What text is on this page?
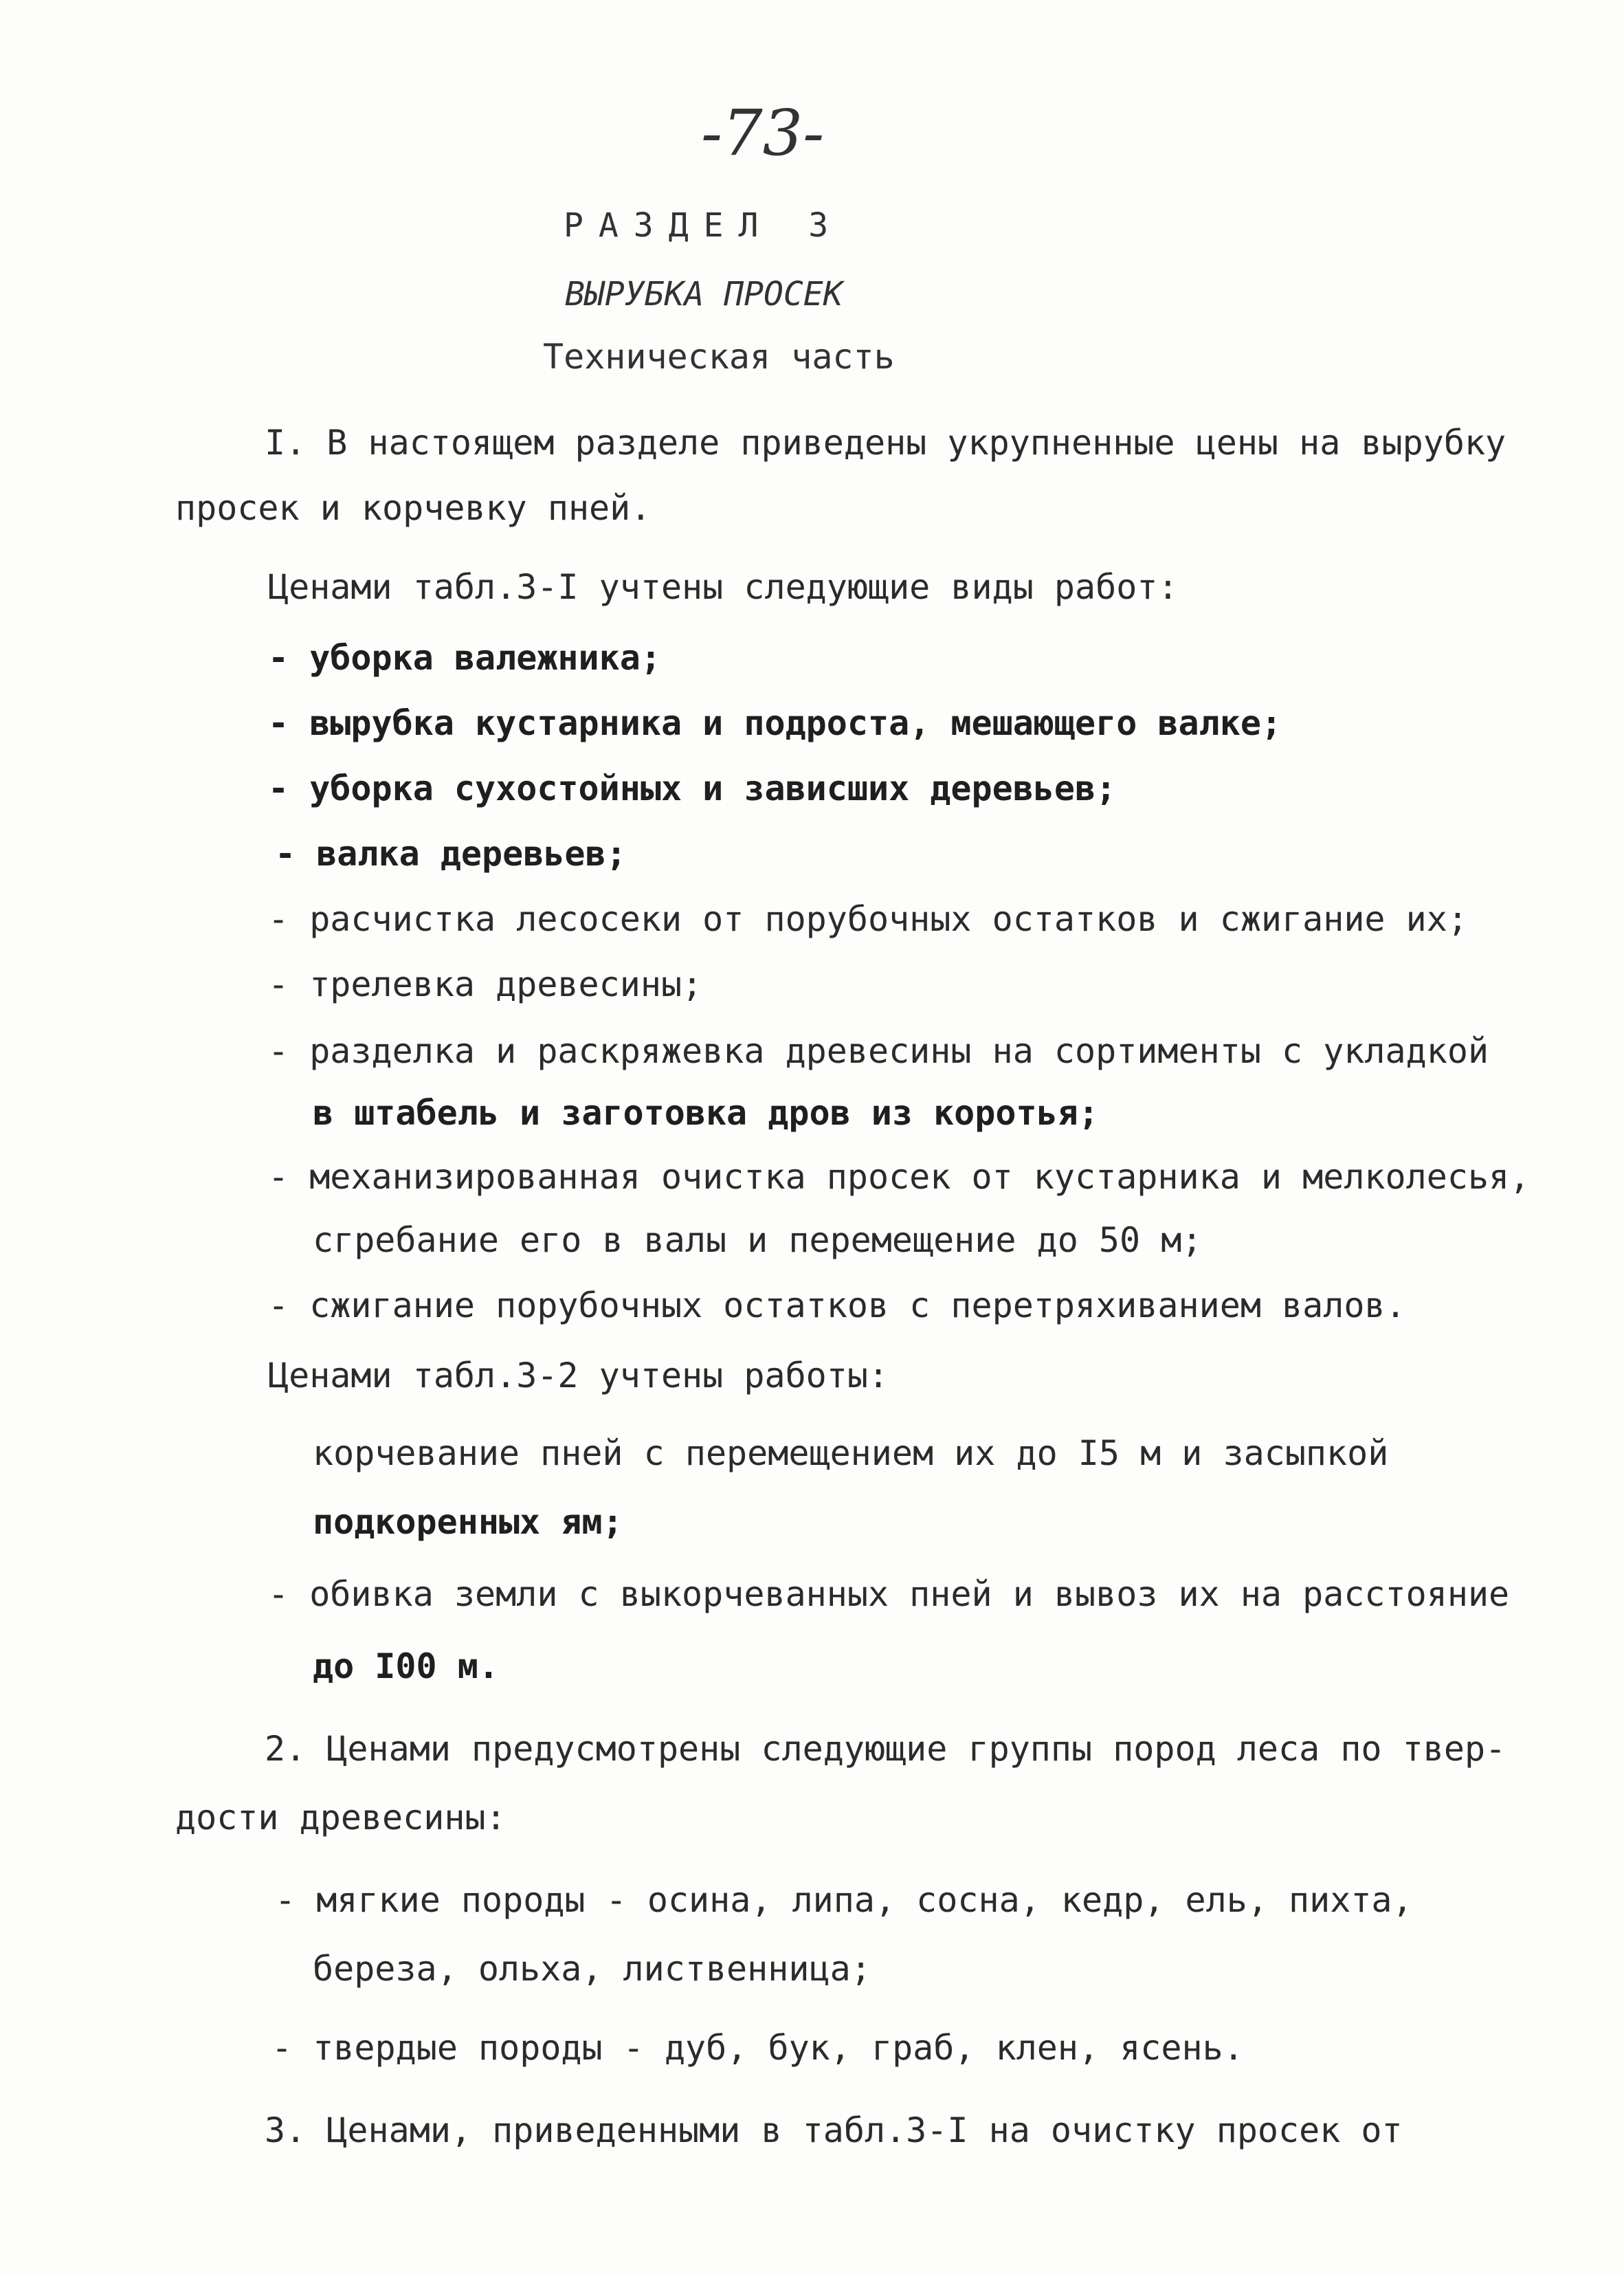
-73-
РАЗДЕЛ 3
ВЫРУБКА ПРОСЕК
Техническая часть
I. В настоящем разделе приведены укрупненные цены на вырубку
просек и корчевку пней.
Ценами табл.3-I учтены следующие виды работ:
- уборка валежника;
- вырубка кустарника и подроста, мешающего валке;
- уборка сухостойных и зависших деревьев;
- валка деревьев;
- расчистка лесосеки от порубочных остатков и сжигание их;
- трелевка древесины;
- разделка и раскряжевка древесины на сортименты с укладкой
в штабель и заготовка дров из коротья;
- механизированная очистка просек от кустарника и мелколесья,
сгребание его в валы и перемещение до 50 м;
- сжигание порубочных остатков с перетряхиванием валов.
Ценами табл.3-2 учтены работы:
корчевание пней с перемещением их до I5 м и засыпкой
подкоренных ям;
- обивка земли с выкорчеванных пней и вывоз их на расстояние
до I00 м.
2. Ценами предусмотрены следующие группы пород леса по твер-
дости древесины:
- мягкие породы - осина, липа, сосна, кедр, ель, пихта,
береза, ольха, лиственница;
- твердые породы - дуб, бук, граб, клен, ясень.
3. Ценами, приведенными в табл.3-I на очистку просек от
